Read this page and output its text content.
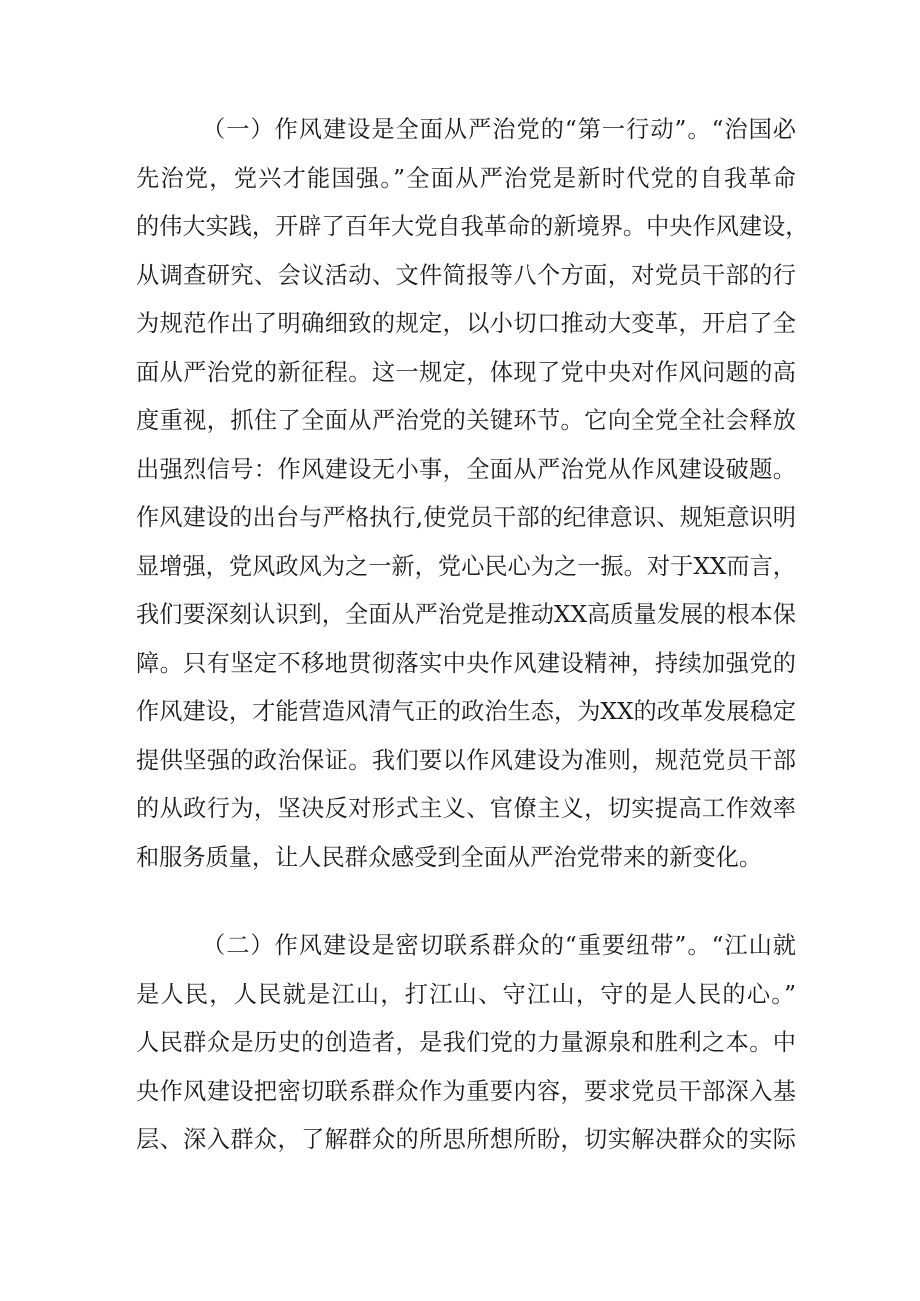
（一）作风建设是全面从严治党的“第一行动”。“治国必
先治党，党兴才能国强。”全面从严治党是新时代党的自我革命
的伟大实践，开辟了百年大党自我革命的新境界。中央作风建设，
从调查研究、会议活动、文件简报等八个方面，对党员干部的行
为规范作出了明确细致的规定，以小切口推动大变革，开启了全
面从严治党的新征程。这一规定，体现了党中央对作风问题的高
度重视，抓住了全面从严治党的关键环节。它向全党全社会释放
出强烈信号：作风建设无小事，全面从严治党从作风建设破题。
作风建设的出台与严格执行,使党员干部的纪律意识、规矩意识明
显增强，党风政风为之一新，党心民心为之一振。对于XX而言，
我们要深刻认识到，全面从严治党是推动XX高质量发展的根本保
障。只有坚定不移地贯彻落实中央作风建设精神，持续加强党的
作风建设，才能营造风清气正的政治生态，为XX的改革发展稳定
提供坚强的政治保证。我们要以作风建设为准则，规范党员干部
的从政行为，坚决反对形式主义、官僚主义，切实提高工作效率
和服务质量，让人民群众感受到全面从严治党带来的新变化。
（二）作风建设是密切联系群众的“重要纽带”。“江山就
是人民，人民就是江山，打江山、守江山，守的是人民的心。”
人民群众是历史的创造者，是我们党的力量源泉和胜利之本。中
央作风建设把密切联系群众作为重要内容，要求党员干部深入基
层、深入群众，了解群众的所思所想所盼，切实解决群众的实际
